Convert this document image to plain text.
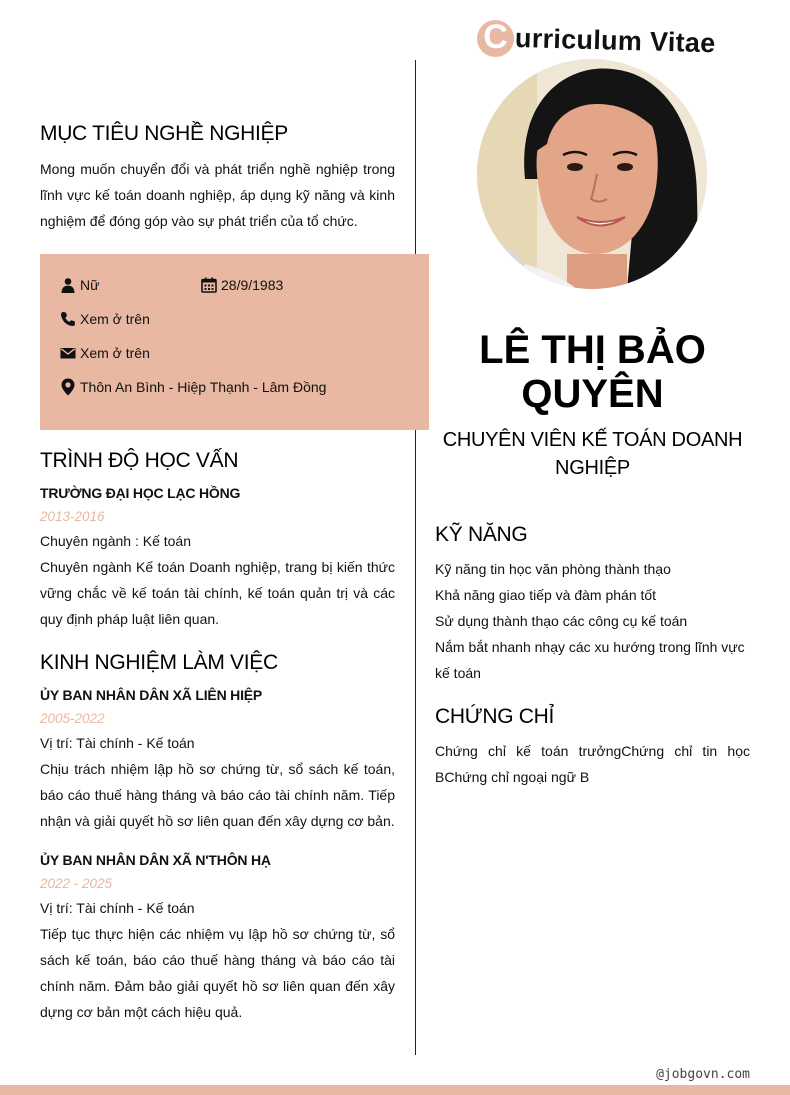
C urriculum Vitae
MỤC TIÊU NGHỀ NGHIỆP
Mong muốn chuyển đổi và phát triển nghề nghiệp trong lĩnh vực kế toán doanh nghiệp, áp dụng kỹ năng và kinh nghiệm để đóng góp vào sự phát triển của tổ chức.
Nữ	28/9/1983
Xem ở trên
Xem ở trên
Thôn An Bình - Hiệp Thạnh - Lâm Đồng
TRÌNH ĐỘ HỌC VẤN
TRƯỜNG ĐẠI HỌC LẠC HỒNG
2013-2016
Chuyên ngành : Kế toán
Chuyên ngành Kế toán Doanh nghiệp, trang bị kiến thức vững chắc về kế toán tài chính, kế toán quản trị và các quy định pháp luật liên quan.
KINH NGHIỆM LÀM VIỆC
ỦY BAN NHÂN DÂN XÃ LIÊN HIỆP
2005-2022
Vị trí: Tài chính - Kế toán
Chịu trách nhiệm lập hồ sơ chứng từ, sổ sách kế toán, báo cáo thuế hàng tháng và báo cáo tài chính năm. Tiếp nhận và giải quyết hồ sơ liên quan đến xây dựng cơ bản.
ỦY BAN NHÂN DÂN XÃ N'THÔN HẠ
2022 - 2025
Vị trí: Tài chính - Kế toán
Tiếp tục thực hiện các nhiệm vụ lập hồ sơ chứng từ, sổ sách kế toán, báo cáo thuế hàng tháng và báo cáo tài chính năm. Đảm bảo giải quyết hồ sơ liên quan đến xây dựng cơ bản một cách hiệu quả.
LÊ THỊ BẢO
QUYÊN
CHUYÊN VIÊN KẾ TOÁN DOANH NGHIỆP
KỸ NĂNG
Kỹ năng tin học văn phòng thành thạo
Khả năng giao tiếp và đàm phán tốt
Sử dụng thành thạo các công cụ kế toán
Nắm bắt nhanh nhạy các xu hướng trong lĩnh vực kế toán
CHỨNG CHỈ
Chứng chỉ kế toán trưởngChứng chỉ tin học BChứng chỉ ngoại ngữ B
@jobgovn.com
